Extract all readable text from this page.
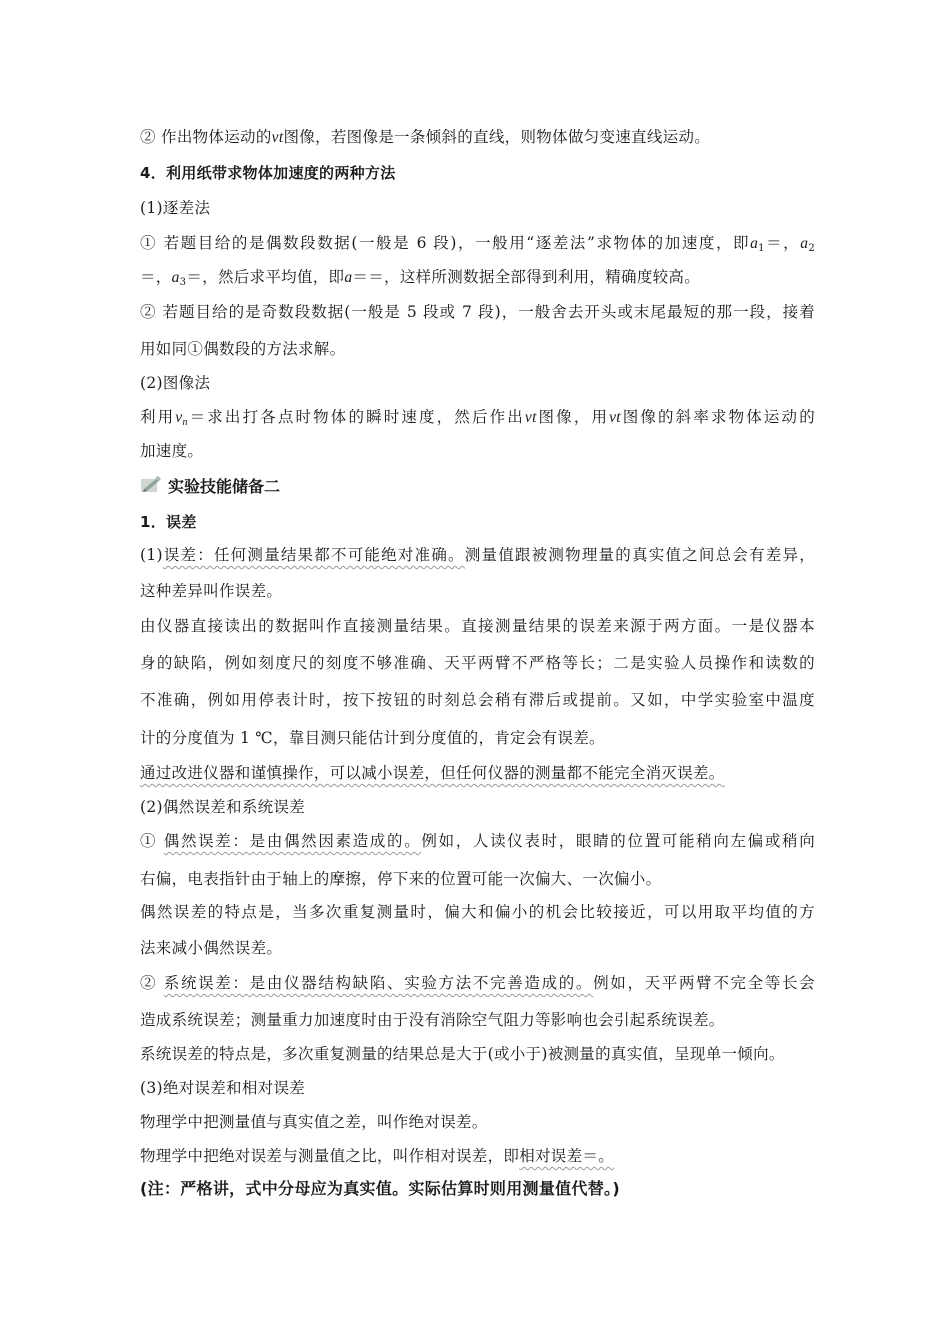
② 作出物体运动的vt图像，若图像是一条倾斜的直线，则物体做匀变速直线运动。
4．利用纸带求物体加速度的两种方法
(1)逐差法
① 若题目给的是偶数段数据(一般是 6 段)，一般用“逐差法”求物体的加速度，即$a_1=$，$a_2$
＝，$a_3=$，然后求平均值，即a＝＝，这样所测数据全部得到利用，精确度较高。
② 若题目给的是奇数段数据(一般是 5 段或 7 段)，一般舍去开头或末尾最短的那一段，接着
用如同①偶数段的方法求解。
(2)图像法
利用$v_n=$求出打各点时物体的瞬时速度，然后作出vt图像，用vt图像的斜率求物体运动的
加速度。
实验技能储备二
1．误差
(1)误差：任何测量结果都不可能绝对准确。测量值跟被测物理量的真实值之间总会有差异，
这种差异叫作误差。
由仪器直接读出的数据叫作直接测量结果。直接测量结果的误差来源于两方面。一是仪器本
身的缺陷，例如刻度尺的刻度不够准确、天平两臂不严格等长；二是实验人员操作和读数的
不准确，例如用停表计时，按下按钮的时刻总会稍有滞后或提前。又如，中学实验室中温度
计的分度值为 1 ℃，靠目测只能估计到分度值的，肯定会有误差。
通过改进仪器和谨慎操作，可以减小误差，但任何仪器的测量都不能完全消灭误差。
(2)偶然误差和系统误差
① 偶然误差：是由偶然因素造成的。例如，人读仪表时，眼睛的位置可能稍向左偏或稍向
右偏，电表指针由于轴上的摩擦，停下来的位置可能一次偏大、一次偏小。
偶然误差的特点是，当多次重复测量时，偏大和偏小的机会比较接近，可以用取平均值的方
法来减小偶然误差。
② 系统误差：是由仪器结构缺陷、实验方法不完善造成的。例如，天平两臂不完全等长会
造成系统误差；测量重力加速度时由于没有消除空气阻力等影响也会引起系统误差。
系统误差的特点是，多次重复测量的结果总是大于(或小于)被测量的真实值，呈现单一倾向。
(3)绝对误差和相对误差
物理学中把测量值与真实值之差，叫作绝对误差。
物理学中把绝对误差与测量值之比，叫作相对误差，即相对误差＝。
(注：严格讲，式中分母应为真实值。实际估算时则用测量值代替。)
